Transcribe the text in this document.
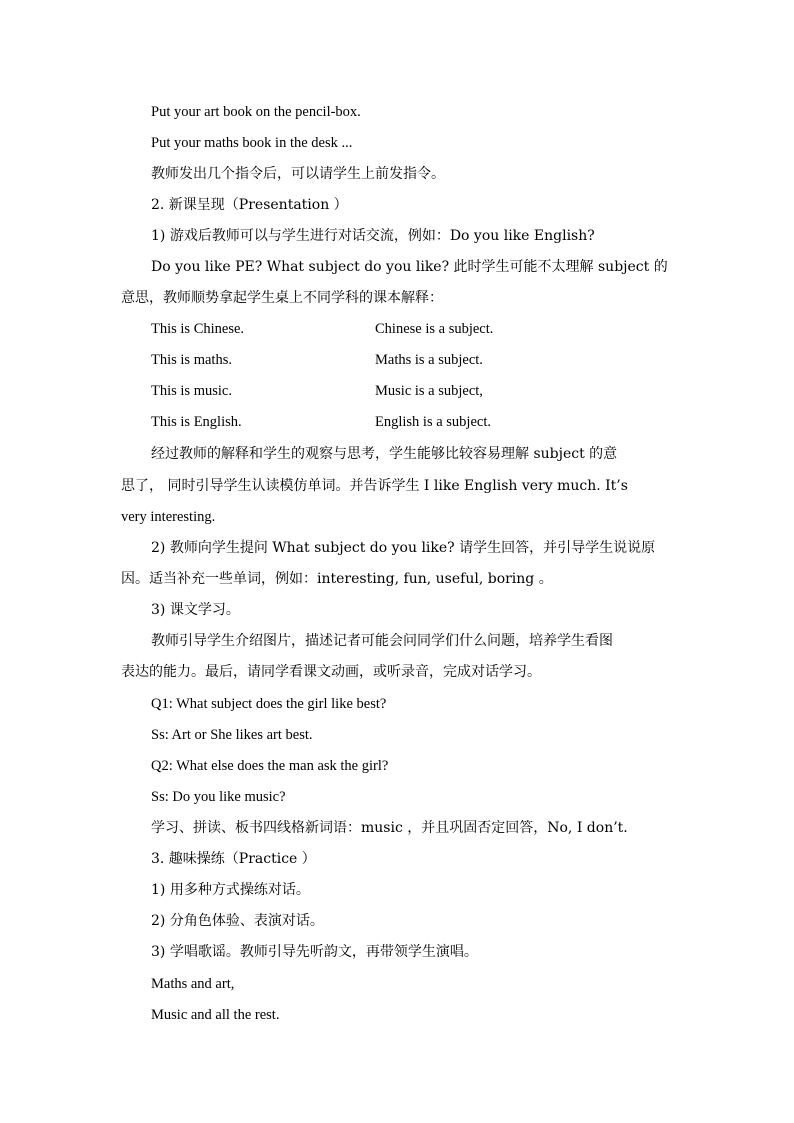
Put your art book on the pencil-box.
Put your maths book in the desk ...
教师发出几个指令后，可以请学生上前发指令。
2. 新课呈现（Presentation ）
1) 游戏后教师可以与学生进行对话交流，例如：Do you like English?
Do you like PE? What subject do you like? 此时学生可能不太理解 subject 的
意思，教师顺势拿起学生桌上不同学科的课本解释：
This is Chinese.	Chinese is a subject.
This is maths.	Maths is a subject.
This is music.	Music is a subject,
This is English.	English is a subject.
经过教师的解释和学生的观察与思考，学生能够比较容易理解 subject 的意
思了， 同时引导学生认读模仿单词。并告诉学生 I like English very much. It’s
very interesting.
2) 教师向学生提问 What subject do you like? 请学生回答，并引导学生说说原
因。适当补充一些单词，例如：interesting, fun, useful, boring 。
3) 课文学习。
教师引导学生介绍图片，描述记者可能会问同学们什么问题，培养学生看图
表达的能力。最后，请同学看课文动画，或听录音，完成对话学习。
Q1: What subject does the girl like best?
Ss: Art or She likes art best.
Q2: What else does the man ask the girl?
Ss: Do you like music?
学习、拼读、板书四线格新词语：music ，并且巩固否定回答，No, I don’t.
3. 趣味操练（Practice ）
1) 用多种方式操练对话。
2) 分角色体验、表演对话。
3) 学唱歌谣。教师引导先听韵文，再带领学生演唱。
Maths and art,
Music and all the rest.
